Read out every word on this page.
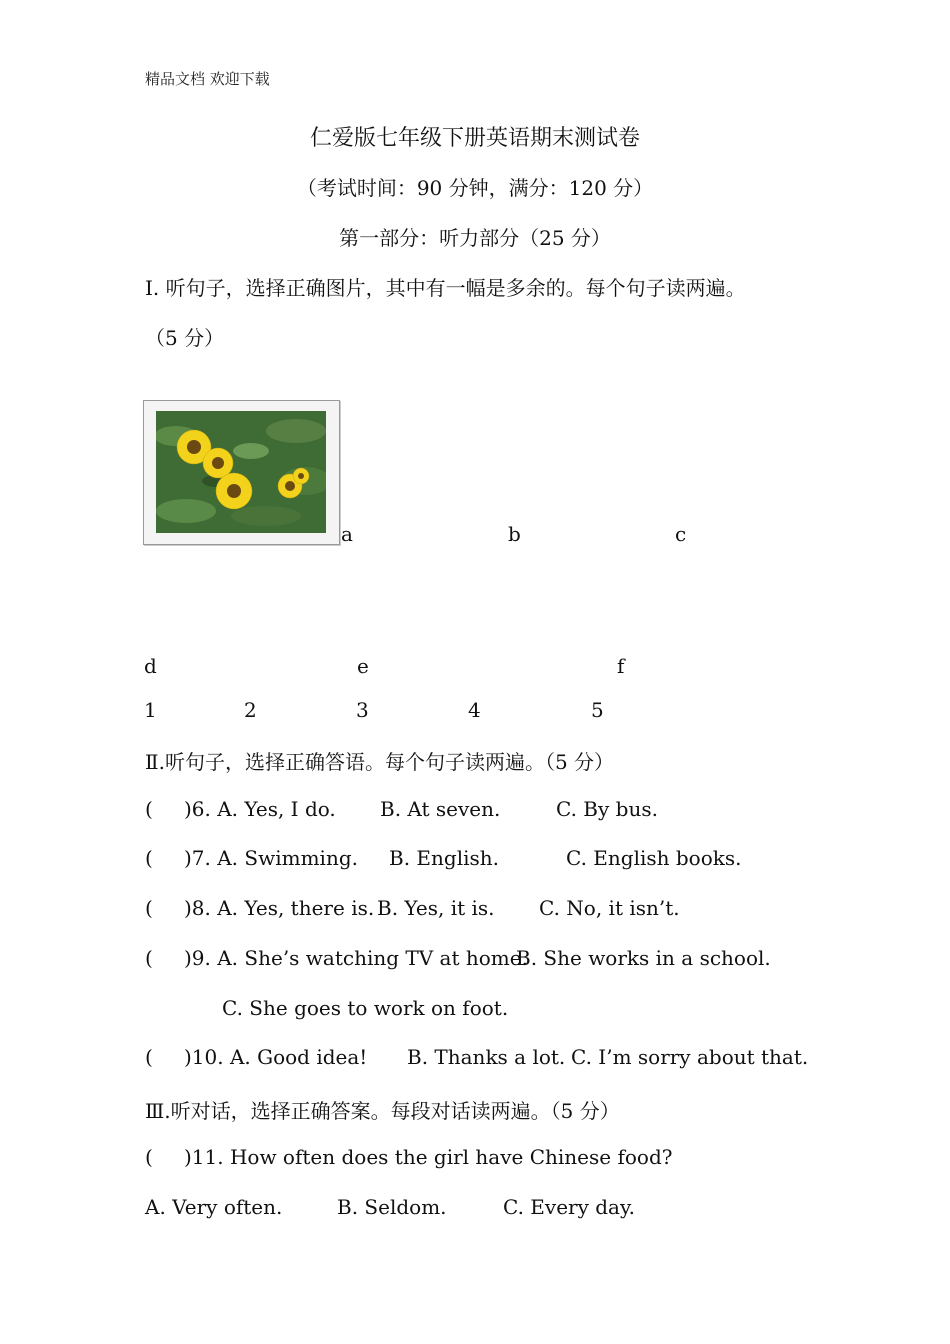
精品文档 欢迎下载
仁爱版七年级下册英语期末测试卷
（考试时间：90 分钟，满分：120 分）
第一部分：听力部分（25 分）
Ⅰ. 听句子，选择正确图片，其中有一幅是多余的。每个句子读两遍。
（5 分）
a	b	c
d	e	f
1	2	3	4	5
Ⅱ.听句子，选择正确答语。每个句子读两遍。（5 分）
( )6. A. Yes, I do. B. At seven.	C. By bus.
( )7. A. Swimming. B. English.	C. English books.
( )8. A. Yes, there is. B. Yes, it is. C. No, it isn’t.
( )9. A. She’s watching TV at home.
B. She works in a school.
C. She goes to work on foot.
( )10. A. Good idea! B. Thanks a lot. C. I’m sorry about that.
Ⅲ.听对话，选择正确答案。每段对话读两遍。（5 分）
( )11. How often does the girl have Chinese food?
A. Very often.	B. Seldom.	C. Every day.
